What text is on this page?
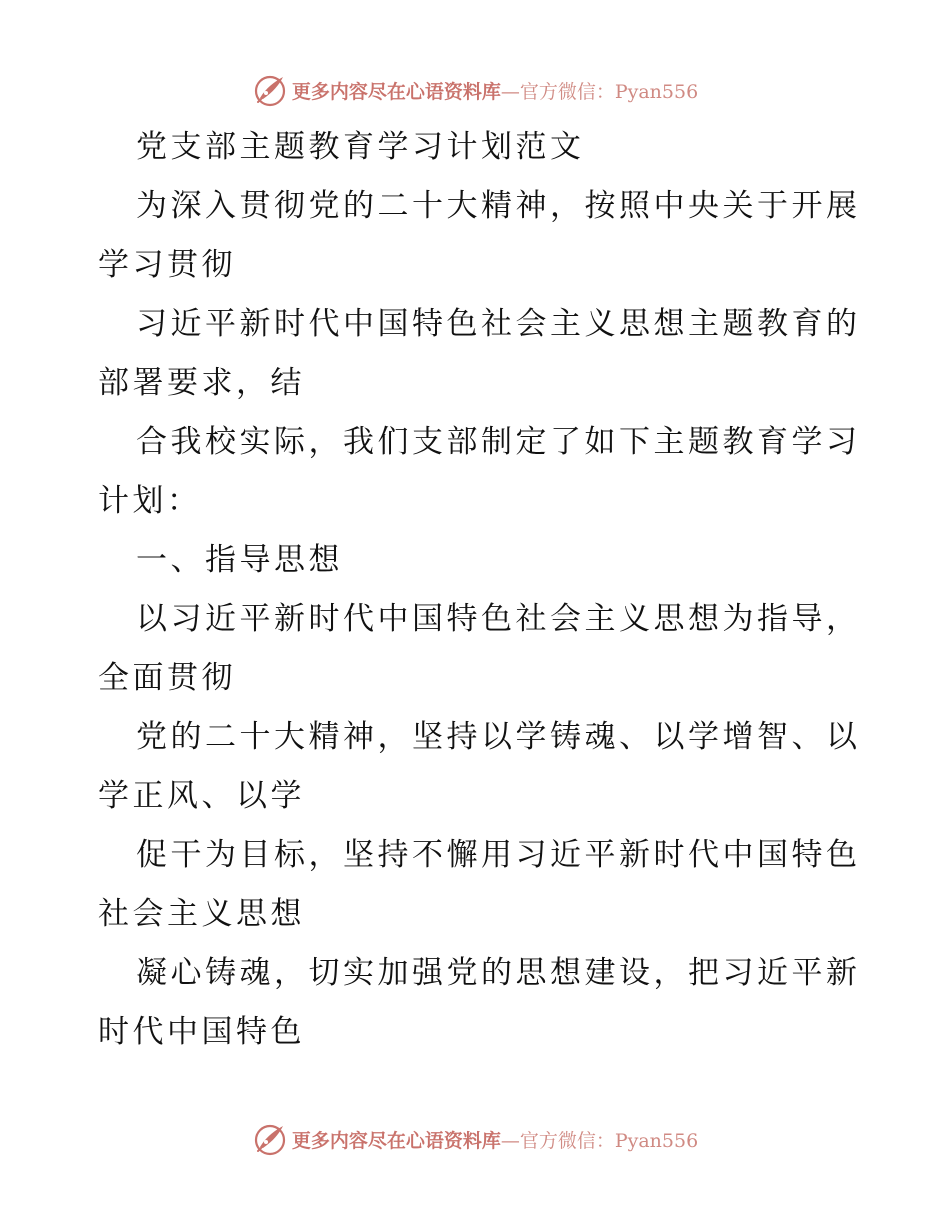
更多内容尽在心语资料库—官方微信：Pyan556
党支部主题教育学习计划范文
为深入贯彻党的二十大精神，按照中央关于开展
学习贯彻
习近平新时代中国特色社会主义思想主题教育的
部署要求，结
合我校实际，我们支部制定了如下主题教育学习
计划：
一、指导思想
以习近平新时代中国特色社会主义思想为指导，
全面贯彻
党的二十大精神，坚持以学铸魂、以学增智、以
学正风、以学
促干为目标，坚持不懈用习近平新时代中国特色
社会主义思想
凝心铸魂，切实加强党的思想建设，把习近平新
时代中国特色
更多内容尽在心语资料库—官方微信：Pyan556
